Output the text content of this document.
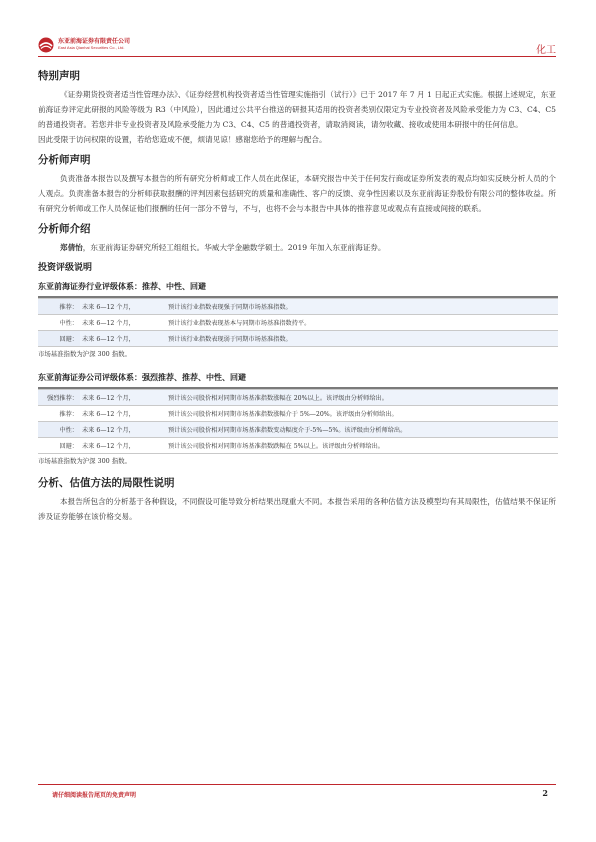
东亚前海证券有限责任公司
East Asia Qianhai Securities Co., Ltd.	化工
特别声明
《证券期货投资者适当性管理办法》、《证券经营机构投资者适当性管理实施指引（试行）》已于 2017 年 7 月 1 日起正式实施。根据上述规定，东亚前海证券评定此研报的风险等级为 R3（中风险），因此通过公共平台推送的研报其适用的投资者类别仅限定为专业投资者及风险承受能力为 C3、C4、C5 的普通投资者。若您并非专业投资者及风险承受能力为 C3、C4、C5 的普通投资者，请取消阅读，请勿收藏、接收或使用本研报中的任何信息。
因此受限于访问权限的设置，若给您造成不便，烦请见谅！感谢您给予的理解与配合。
分析师声明
负责准备本报告以及撰写本报告的所有研究分析师或工作人员在此保证，本研究报告中关于任何发行商或证券所发表的观点均如实反映分析人员的个人观点。负责准备本报告的分析师获取报酬的评判因素包括研究的质量和准确性、客户的反馈、竞争性因素以及东亚前海证券股份有限公司的整体收益。所有研究分析师或工作人员保证他们报酬的任何一部分不曾与，不与，也将不会与本报告中具体的推荐意见或观点有直接或间接的联系。
分析师介绍
郑倩怡，东亚前海证券研究所轻工组组长。华威大学金融数学硕士。2019 年加入东亚前海证券。
投资评级说明
东亚前海证券行业评级体系：推荐、中性、回避
推荐：	未来 6—12 个月，	预计该行业指数表现强于同期市场基准指数。
中性：	未来 6—12 个月，	预计该行业指数表现基本与同期市场基准指数持平。
回避：	未来 6—12 个月，	预计该行业指数表现弱于同期市场基准指数。
市场基准指数为沪深 300 指数。
东亚前海证券公司评级体系：强烈推荐、推荐、中性、回避
强烈推荐：	未来 6—12 个月，	预计该公司股价相对同期市场基准指数涨幅在 20%以上。该评级由分析师给出。
推荐：	未来 6—12 个月，	预计该公司股价相对同期市场基准指数涨幅介于 5%—20%。该评级由分析师给出。
中性：	未来 6—12 个月，	预计该公司股价相对同期市场基准指数变动幅度介于-5%—5%。该评级由分析师给出。
回避：	未来 6—12 个月，	预计该公司股价相对同期市场基准指数跌幅在 5%以上。该评级由分析师给出。
市场基准指数为沪深 300 指数。
分析、估值方法的局限性说明
本报告所包含的分析基于各种假设，不同假设可能导致分析结果出现重大不同。本报告采用的各种估值方法及模型均有其局限性，估值结果不保证所涉及证券能够在该价格交易。
请仔细阅读报告尾页的免责声明	2
